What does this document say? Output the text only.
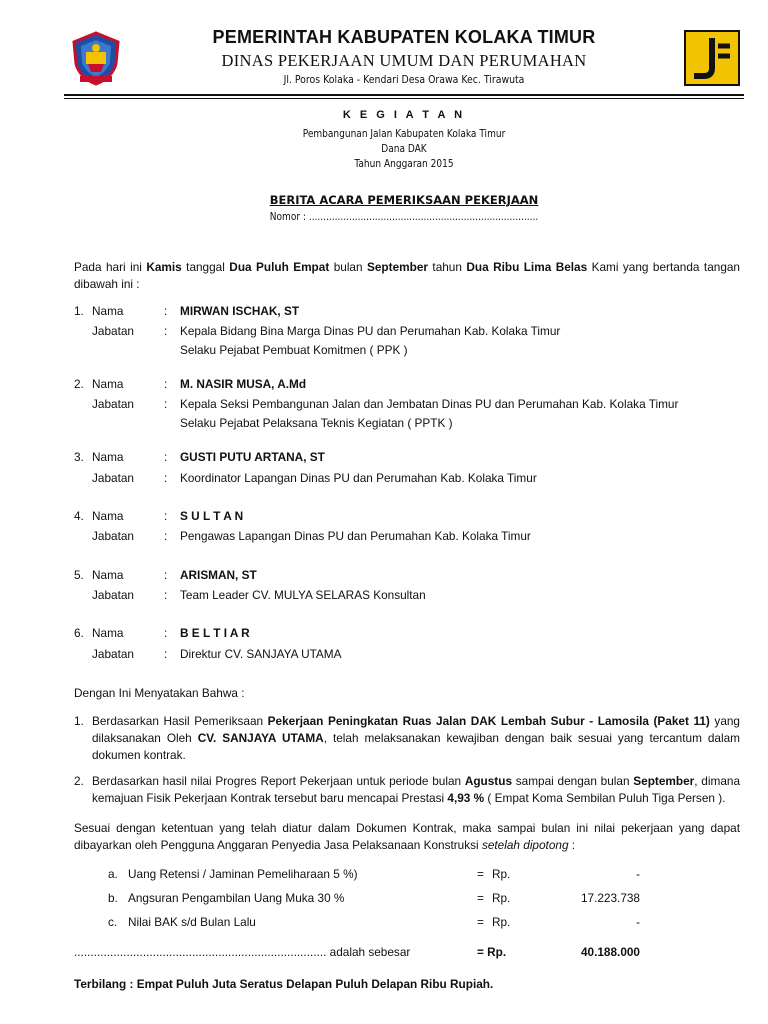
PEMERINTAH KABUPATEN KOLAKA TIMUR
DINAS PEKERJAAN UMUM DAN PERUMAHAN
Jl. Poros Kolaka - Kendari Desa Orawa Kec. Tirawuta
K E G I A T A N
Pembangunan Jalan Kabupaten Kolaka Timur
Dana DAK
Tahun Anggaran 2015
BERITA ACARA PEMERIKSAAN PEKERJAAN
Nomor : ................................................................................
Pada hari ini Kamis tanggal Dua Puluh Empat bulan September tahun Dua Ribu Lima Belas Kami yang bertanda tangan dibawah ini :
1. Nama	:	MIRWAN ISCHAK, ST
Jabatan	:	Kepala Bidang Bina Marga Dinas PU dan Perumahan Kab. Kolaka Timur
Selaku Pejabat Pembuat Komitmen ( PPK )
2. Nama	:	M. NASIR MUSA, A.Md
Jabatan	:	Kepala Seksi Pembangunan Jalan dan Jembatan Dinas PU dan Perumahan Kab. Kolaka Timur
Selaku Pejabat Pelaksana Teknis Kegiatan ( PPTK )
3. Nama	:	GUSTI PUTU ARTANA, ST
Jabatan	:	Koordinator Lapangan Dinas PU dan Perumahan Kab. Kolaka Timur
4. Nama	:	S U L T A N
Jabatan	:	Pengawas Lapangan Dinas PU dan Perumahan Kab. Kolaka Timur
5. Nama	:	ARISMAN, ST
Jabatan	:	Team Leader CV. MULYA SELARAS Konsultan
6. Nama	:	B E L T I A R
Jabatan	:	Direktur CV. SANJAYA UTAMA
Dengan Ini Menyatakan Bahwa :
1. Berdasarkan Hasil Pemeriksaan Pekerjaan Peningkatan Ruas Jalan DAK Lembah Subur - Lamosila (Paket 11) yang dilaksanakan Oleh CV. SANJAYA UTAMA, telah melaksanakan kewajiban dengan baik sesuai yang tercantum dalam dokumen kontrak.
2. Berdasarkan hasil nilai Progres Report Pekerjaan untuk periode bulan Agustus sampai dengan bulan September, dimana kemajuan Fisik Pekerjaan Kontrak tersebut baru mencapai Prestasi 4,93 % ( Empat Koma Sembilan Puluh Tiga Persen ).
Sesuai dengan ketentuan yang telah diatur dalam Dokumen Kontrak, maka sampai bulan ini nilai pekerjaan yang dapat dibayarkan oleh Pengguna Anggaran Penyedia Jasa Pelaksanaan Konstruksi setelah dipotong :
a. Uang Retensi / Jaminan Pemeliharaan 5 %)	= Rp.	-
b. Angsuran Pengambilan Uang Muka 30 %	= Rp.	17.223.738
c. Nilai BAK s/d Bulan Lalu	= Rp.	-
............................................................................. adalah sebesar	= Rp.	40.188.000
Terbilang : Empat Puluh Juta Seratus Delapan Puluh Delapan Ribu Rupiah.
